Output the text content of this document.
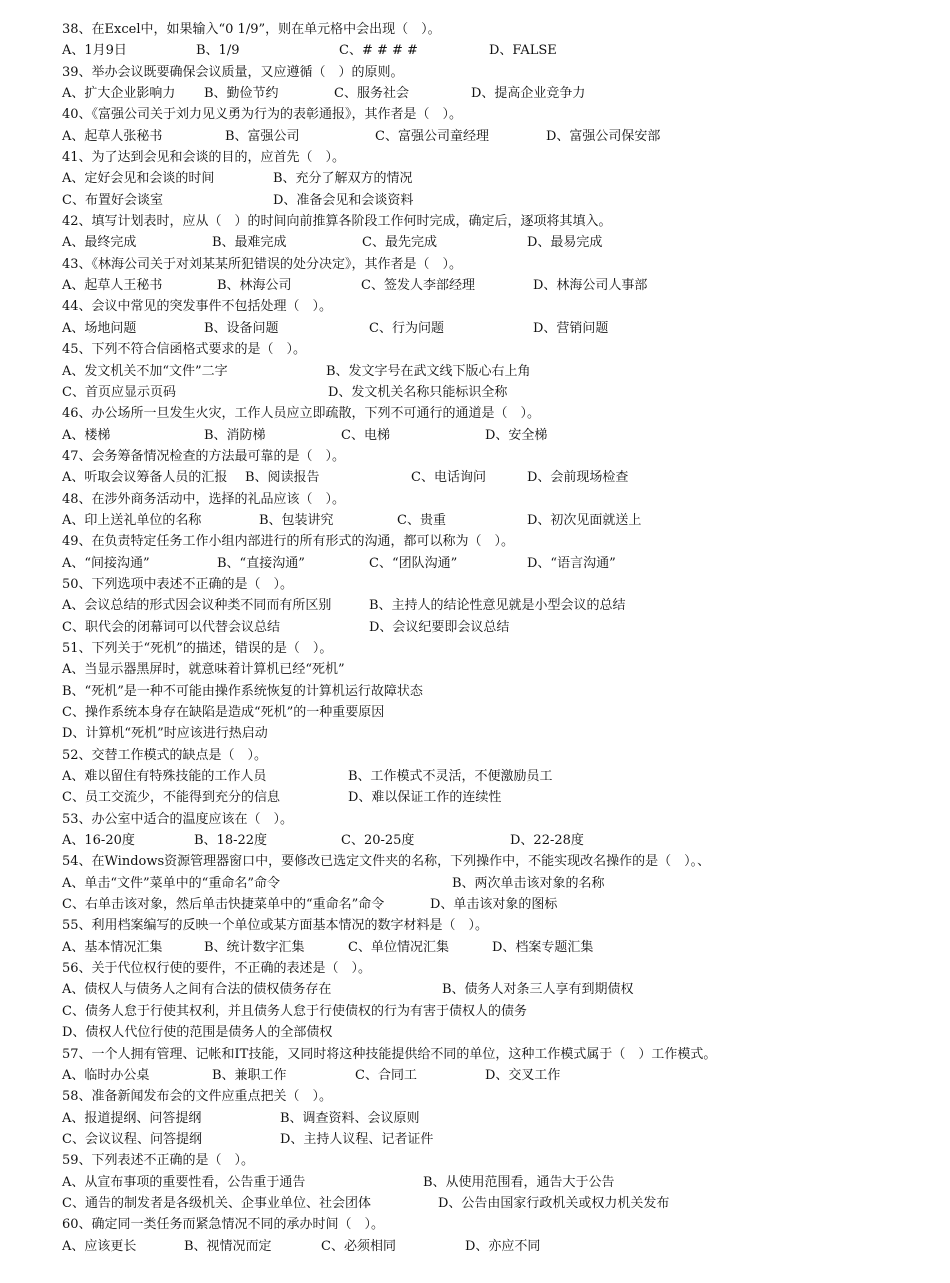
38、在Excel中，如果输入“0 1/9”，则在单元格中会出现（　）。
A、1月9日	B、1/9	C、# # # #	D、FALSE
39、举办会议既要确保会议质量，又应遵循（　）的原则。
A、扩大企业影响力 B、勤俭节约	C、服务社会	D、提高企业竞争力
40、《富强公司关于刘力见义勇为行为的表彰通报》，其作者是（　）。
A、起草人张秘书	B、富强公司	C、富强公司童经理	D、富强公司保安部
41、为了达到会见和会谈的目的，应首先（　）。
A、定好会见和会谈的时间	B、充分了解双方的情况
C、布置好会谈室	D、准备会见和会谈资料
42、填写计划表时，应从（　）的时间向前推算各阶段工作何时完成，确定后，逐项将其填入。
A、最终完成	B、最难完成	C、最先完成	D、最易完成
43、《林海公司关于对刘某某所犯错误的处分决定》，其作者是（　）。
A、起草人王秘书	B、林海公司	C、签发人李部经理	D、林海公司人事部
44、会议中常见的突发事件不包括处理（　）。
A、场地问题	B、设备问题	C、行为问题	D、营销问题
45、下列不符合信函格式要求的是（　）。
A、发文机关不加“文件”二字	B、发文字号在武文线下版心右上角
C、首页应显示页码	D、发文机关名称只能标识全称
46、办公场所一旦发生火灾，工作人员应立即疏散，下列不可通行的通道是（　）。
A、楼梯	B、消防梯	C、电梯	D、安全梯
47、会务筹备情况检查的方法最可靠的是（　）。
A、听取会议筹备人员的汇报 B、阅读报告	C、电话询问	D、会前现场检查
48、在涉外商务活动中，选择的礼品应该（　）。
A、印上送礼单位的名称	B、包装讲究	C、贵重	D、初次见面就送上
49、在负责特定任务工作小组内部进行的所有形式的沟通，都可以称为（　）。
A、“间接沟通”	B、“直接沟通”	C、“团队沟通”	D、“语言沟通”
50、下列选项中表述不正确的是（　）。
A、会议总结的形式因会议种类不同而有所区别	B、主持人的结论性意见就是小型会议的总结
C、职代会的闭幕词可以代替会议总结	D、会议纪要即会议总结
51、下列关于“死机”的描述，错误的是（　）。
A、当显示器黑屏时，就意味着计算机已经“死机”
B、“死机”是一种不可能由操作系统恢复的计算机运行故障状态
C、操作系统本身存在缺陷是造成“死机”的一种重要原因
D、计算机“死机”时应该进行热启动
52、交替工作模式的缺点是（　）。
A、难以留住有特殊技能的工作人员	B、工作模式不灵活，不便激励员工
C、员工交流少，不能得到充分的信息	D、难以保证工作的连续性
53、办公室中适合的温度应该在（　）。
A、16-20度	B、18-22度	C、20-25度	D、22-28度
54、在Windows资源管理器窗口中，要修改已选定文件夹的名称，下列操作中，不能实现改名操作的是（　）。、
A、单击“文件”菜单中的“重命名”命令	B、两次单击该对象的名称
C、右单击该对象，然后单击快捷菜单中的“重命名”命令	D、单击该对象的图标
55、利用档案编写的反映一个单位或某方面基本情况的数字材料是（　）。
A、基本情况汇集	B、统计数字汇集	C、单位情况汇集	D、档案专题汇集
56、关于代位权行使的要件，不正确的表述是（　）。
A、债权人与债务人之间有合法的债权债务存在	B、债务人对条三人享有到期债权
C、债务人怠于行使其权利，并且债务人怠于行使债权的行为有害于债权人的债务
D、债权人代位行使的范围是债务人的全部债权
57、一个人拥有管理、记帐和IT技能，又同时将这种技能提供给不同的单位，这种工作模式属于（　）工作模式。
A、临时办公桌	B、兼职工作	C、合同工	D、交叉工作
58、准备新闻发布会的文件应重点把关（　）。
A、报道提纲、问答提纲	B、调查资料、会议原则
C、会议议程、问答提纲	D、主持人议程、记者证件
59、下列表述不正确的是（　）。
A、从宣布事项的重要性看，公告重于通告	B、从使用范围看，通告大于公告
C、通告的制发者是各级机关、企事业单位、社会团体	D、公告由国家行政机关或权力机关发布
60、确定同一类任务而紧急情况不同的承办时间（　）。
A、应该更长	B、视情况而定	C、必须相同	D、亦应不同
